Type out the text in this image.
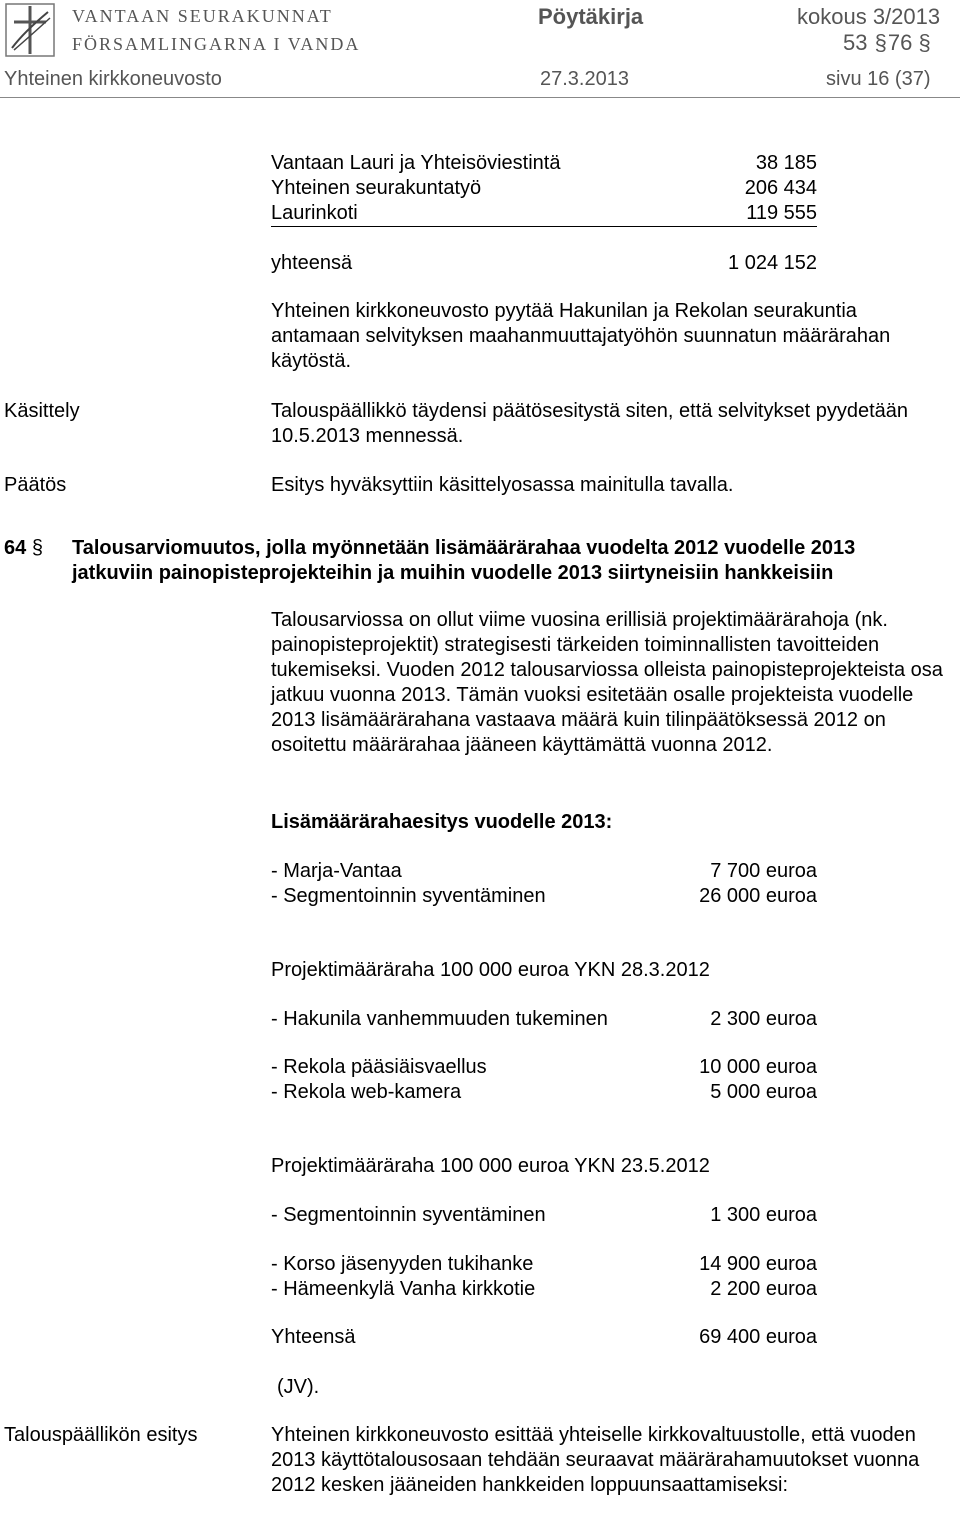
VANTAAN SEURAKUNNAT
FÖRSAMLINGARNA I VANDA
Pöytäkirja	kokous 3/2013
53 §76 §
Yhteinen kirkkoneuvosto	27.3.2013	sivu 16 (37)
Vantaan Lauri ja Yhteisöviestintä	38 185
Yhteinen seurakuntatyö	206 434
Laurinkoti	119 555
yhteensä	1 024 152
Yhteinen kirkkoneuvosto pyytää Hakunilan ja Rekolan seurakuntia antamaan selvityksen maahanmuuttajatyöhön suunnatun määrärahan käytöstä.
Käsittely	Talouspäällikkö täydensi päätösesitystä siten, että selvitykset pyydetään 10.5.2013 mennessä.
Päätös	Esitys hyväksyttiin käsittelyosassa mainitulla tavalla.
64 § Talousarviomuutos, jolla myönnetään lisämäärärahaa vuodelta 2012 vuodelle 2013
jatkuviin painopisteprojekteihin ja muihin vuodelle 2013 siirtyneisiin hankkeisiin
Talousarviossa on ollut viime vuosina erillisiä projektimäärärahoja (nk. painopisteprojektit) strategisesti tärkeiden toiminnallisten tavoitteiden tukemiseksi. Vuoden 2012 talousarviossa olleista painopisteprojekteista osa jatkuu vuonna 2013. Tämän vuoksi esitetään osalle projekteista vuodelle 2013 lisämäärärahana vastaava määrä kuin tilinpäätöksessä 2012 on osoitettu määrärahaa jääneen käyttämättä vuonna 2012.
Lisämäärärahaesitys vuodelle 2013:
- Marja-Vantaa	7 700 euroa
- Segmentoinnin syventäminen	26 000 euroa
Projektimääräraha 100 000 euroa YKN 28.3.2012
- Hakunila vanhemmuuden tukeminen	2 300 euroa
- Rekola pääsiäisvaellus	10 000 euroa
- Rekola web-kamera	5 000 euroa
Projektimääräraha 100 000 euroa YKN 23.5.2012
- Segmentoinnin syventäminen	1 300 euroa
- Korso jäsenyyden tukihanke	14 900 euroa
- Hämeenkylä Vanha kirkkotie	2 200 euroa
Yhteensä	69 400 euroa
(JV).
Talouspäällikön esitys	Yhteinen kirkkoneuvosto esittää yhteiselle kirkkovaltuustolle, että vuoden 2013 käyttötalousosaan tehdään seuraavat määrärahamuutokset vuonna 2012 kesken jääneiden hankkeiden loppuunsaattamiseksi:
